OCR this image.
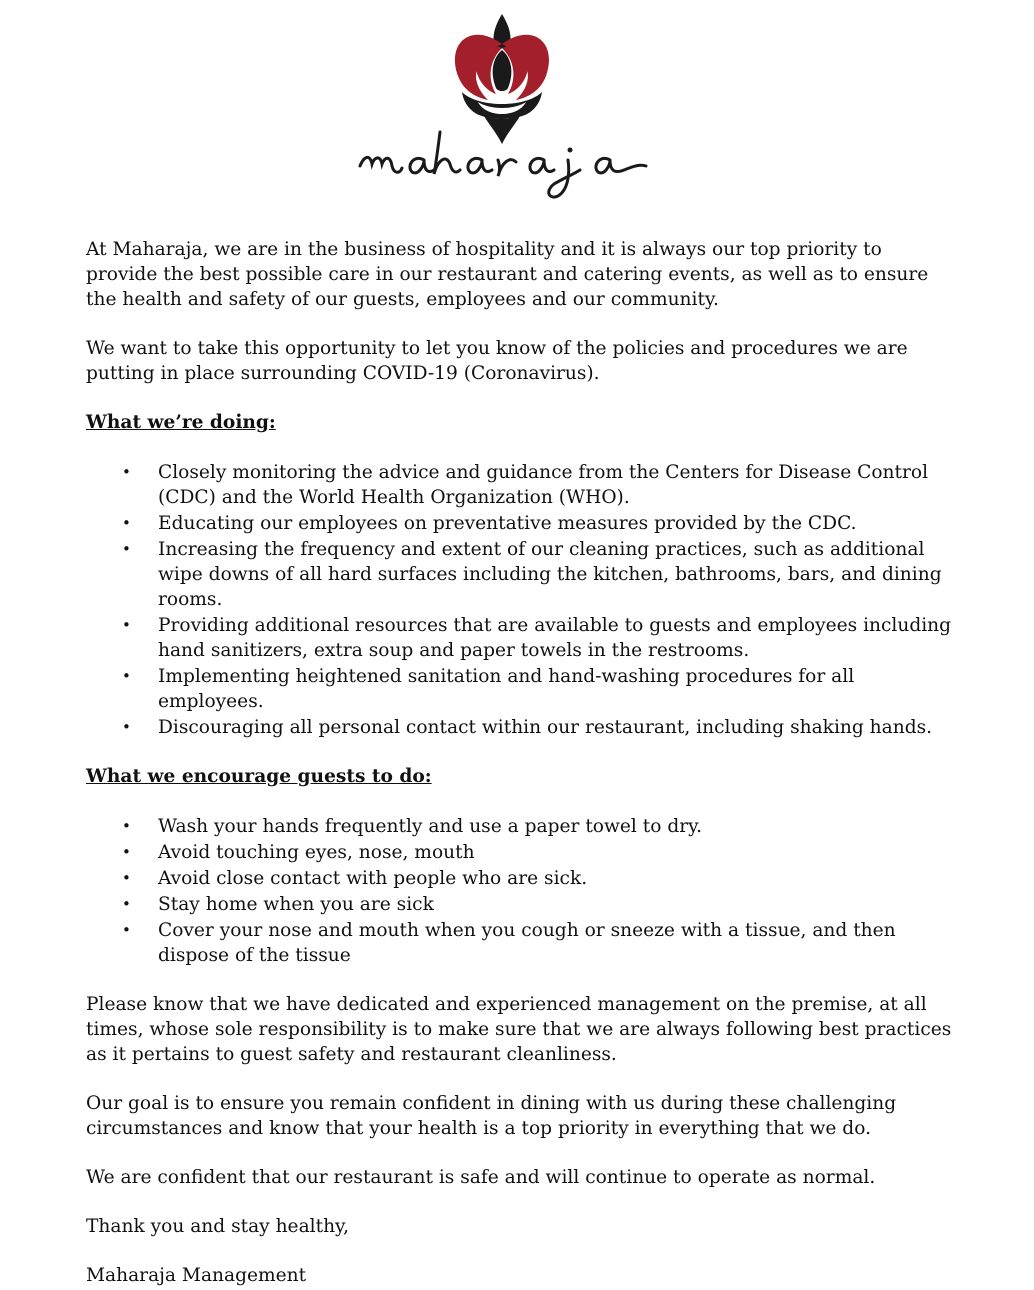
At Maharaja, we are in the business of hospitality and it is always our top priority to provide the best possible care in our restaurant and catering events, as well as to ensure the health and safety of our guests, employees and our community.

We want to take this opportunity to let you know of the policies and procedures we are putting in place surrounding COVID-19 (Coronavirus).

What we’re doing:
• Closely monitoring the advice and guidance from the Centers for Disease Control (CDC) and the World Health Organization (WHO).
• Educating our employees on preventative measures provided by the CDC.
• Increasing the frequency and extent of our cleaning practices, such as additional wipe downs of all hard surfaces including the kitchen, bathrooms, bars, and dining rooms.
• Providing additional resources that are available to guests and employees including hand sanitizers, extra soup and paper towels in the restrooms.
• Implementing heightened sanitation and hand-washing procedures for all employees.
• Discouraging all personal contact within our restaurant, including shaking hands.
What we encourage guests to do:
• Wash your hands frequently and use a paper towel to dry.
• Avoid touching eyes, nose, mouth
• Avoid close contact with people who are sick.
• Stay home when you are sick
• Cover your nose and mouth when you cough or sneeze with a tissue, and then dispose of the tissue

Please know that we have dedicated and experienced management on the premise, at all times, whose sole responsibility is to make sure that we are always following best practices as it pertains to guest safety and restaurant cleanliness.

Our goal is to ensure you remain confident in dining with us during these challenging circumstances and know that your health is a top priority in everything that we do.

We are confident that our restaurant is safe and will continue to operate as normal.

Thank you and stay healthy,

Maharaja Management
